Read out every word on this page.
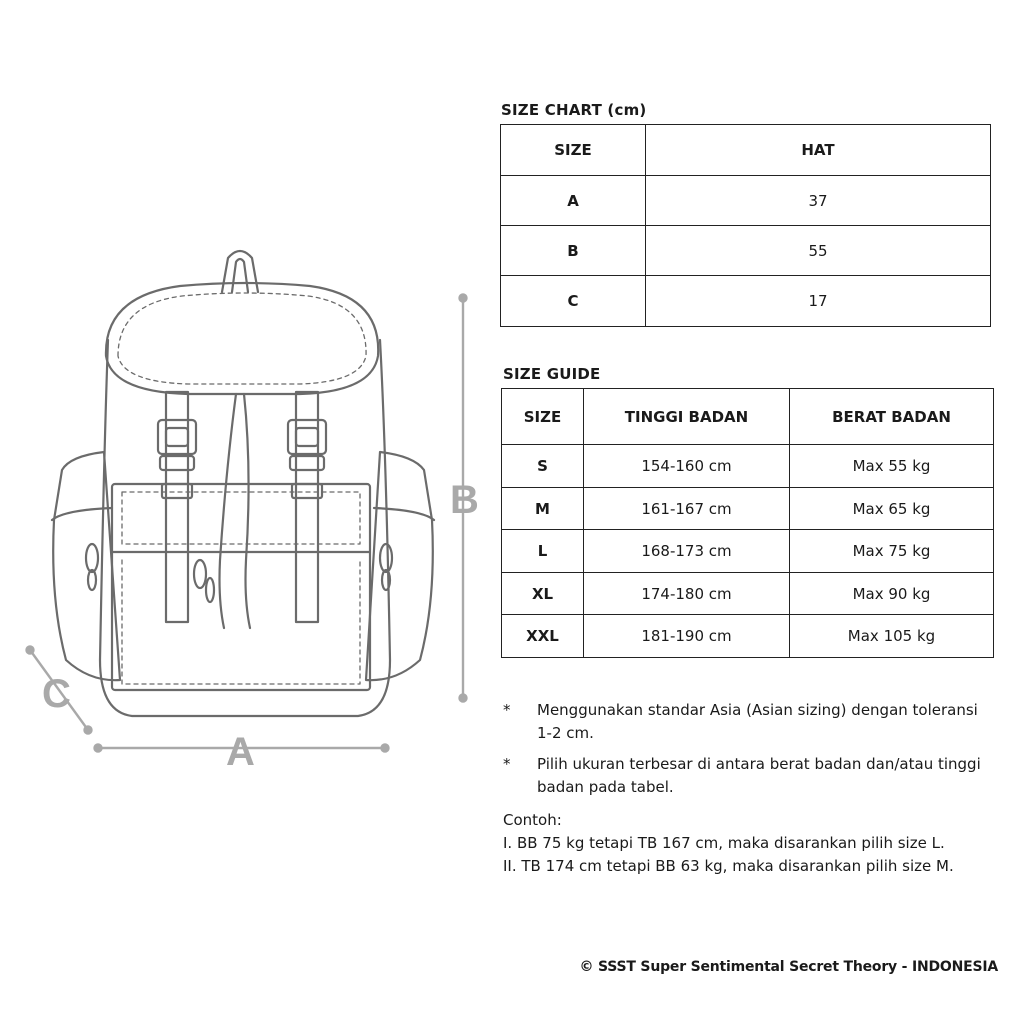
B
A
C
SIZE CHART (cm)
SIZE	HAT
A	37
B	55
C	17
SIZE GUIDE
SIZE	TINGGI BADAN	BERAT BADAN
S	154-160 cm	Max 55 kg
M	161-167 cm	Max 65 kg
L	168-173 cm	Max 75 kg
XL	174-180 cm	Max 90 kg
XXL	181-190 cm	Max 105 kg
*	Menggunakan standar Asia (Asian sizing) dengan toleransi 1-2 cm.
*	Pilih ukuran terbesar di antara berat badan dan/atau tinggi badan pada tabel.
Contoh:
I. BB 75 kg tetapi TB 167 cm, maka disarankan pilih size L.
II. TB 174 cm tetapi BB 63 kg, maka disarankan pilih size M.
© SSST Super Sentimental Secret Theory - INDONESIA
